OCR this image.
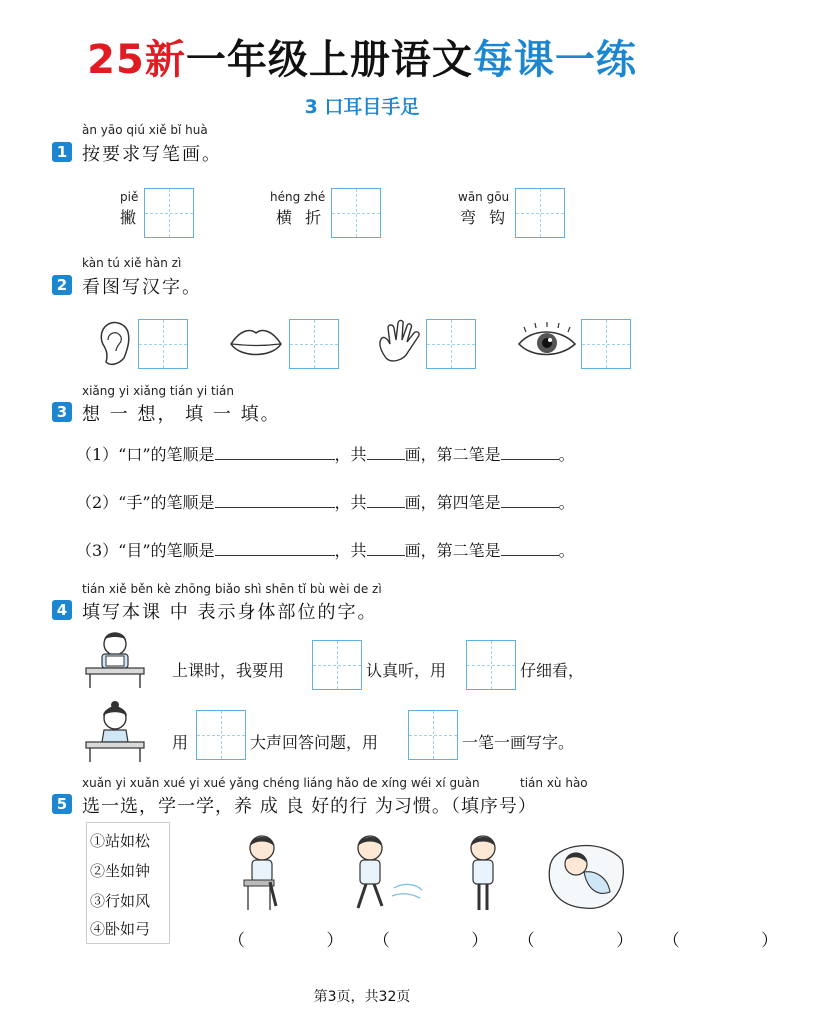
25新一年级上册语文每课一练
3 口耳目手足
àn yāo qiú xiě bǐ huà
1 按要求写笔画。
piě
撇
héng zhé
横 折
wān gōu
弯 钩
kàn tú xiě hàn zì
2 看图写汉字。
xiǎng yi xiǎng tián yi tián
3 想 一 想， 填 一 填。
（1）“口”的笔顺是	，共 画，第二笔是	。
（2）“手”的笔顺是	，共 画，第四笔是	。
（3）“目”的笔顺是	，共 画，第二笔是	。
tián xiě běn kè zhōng biǎo shì shēn tǐ bù wèi de zì
4 填写本课 中 表示身体部位的字。
上课时，我要用	认真听，用	仔细看，
用	大声回答问题，用	一笔一画写字。
xuǎn yi xuǎn xué yi xué yǎng chéng liáng hǎo de xíng wéi xí guàn	tián xù hào
5 选一选，学一学，养 成 良 好的行 为习惯。（填序号）
①站如松
②坐如钟
③行如风
④卧如弓
（ ）（ ）（ ）（ ）
第3页，共32页
